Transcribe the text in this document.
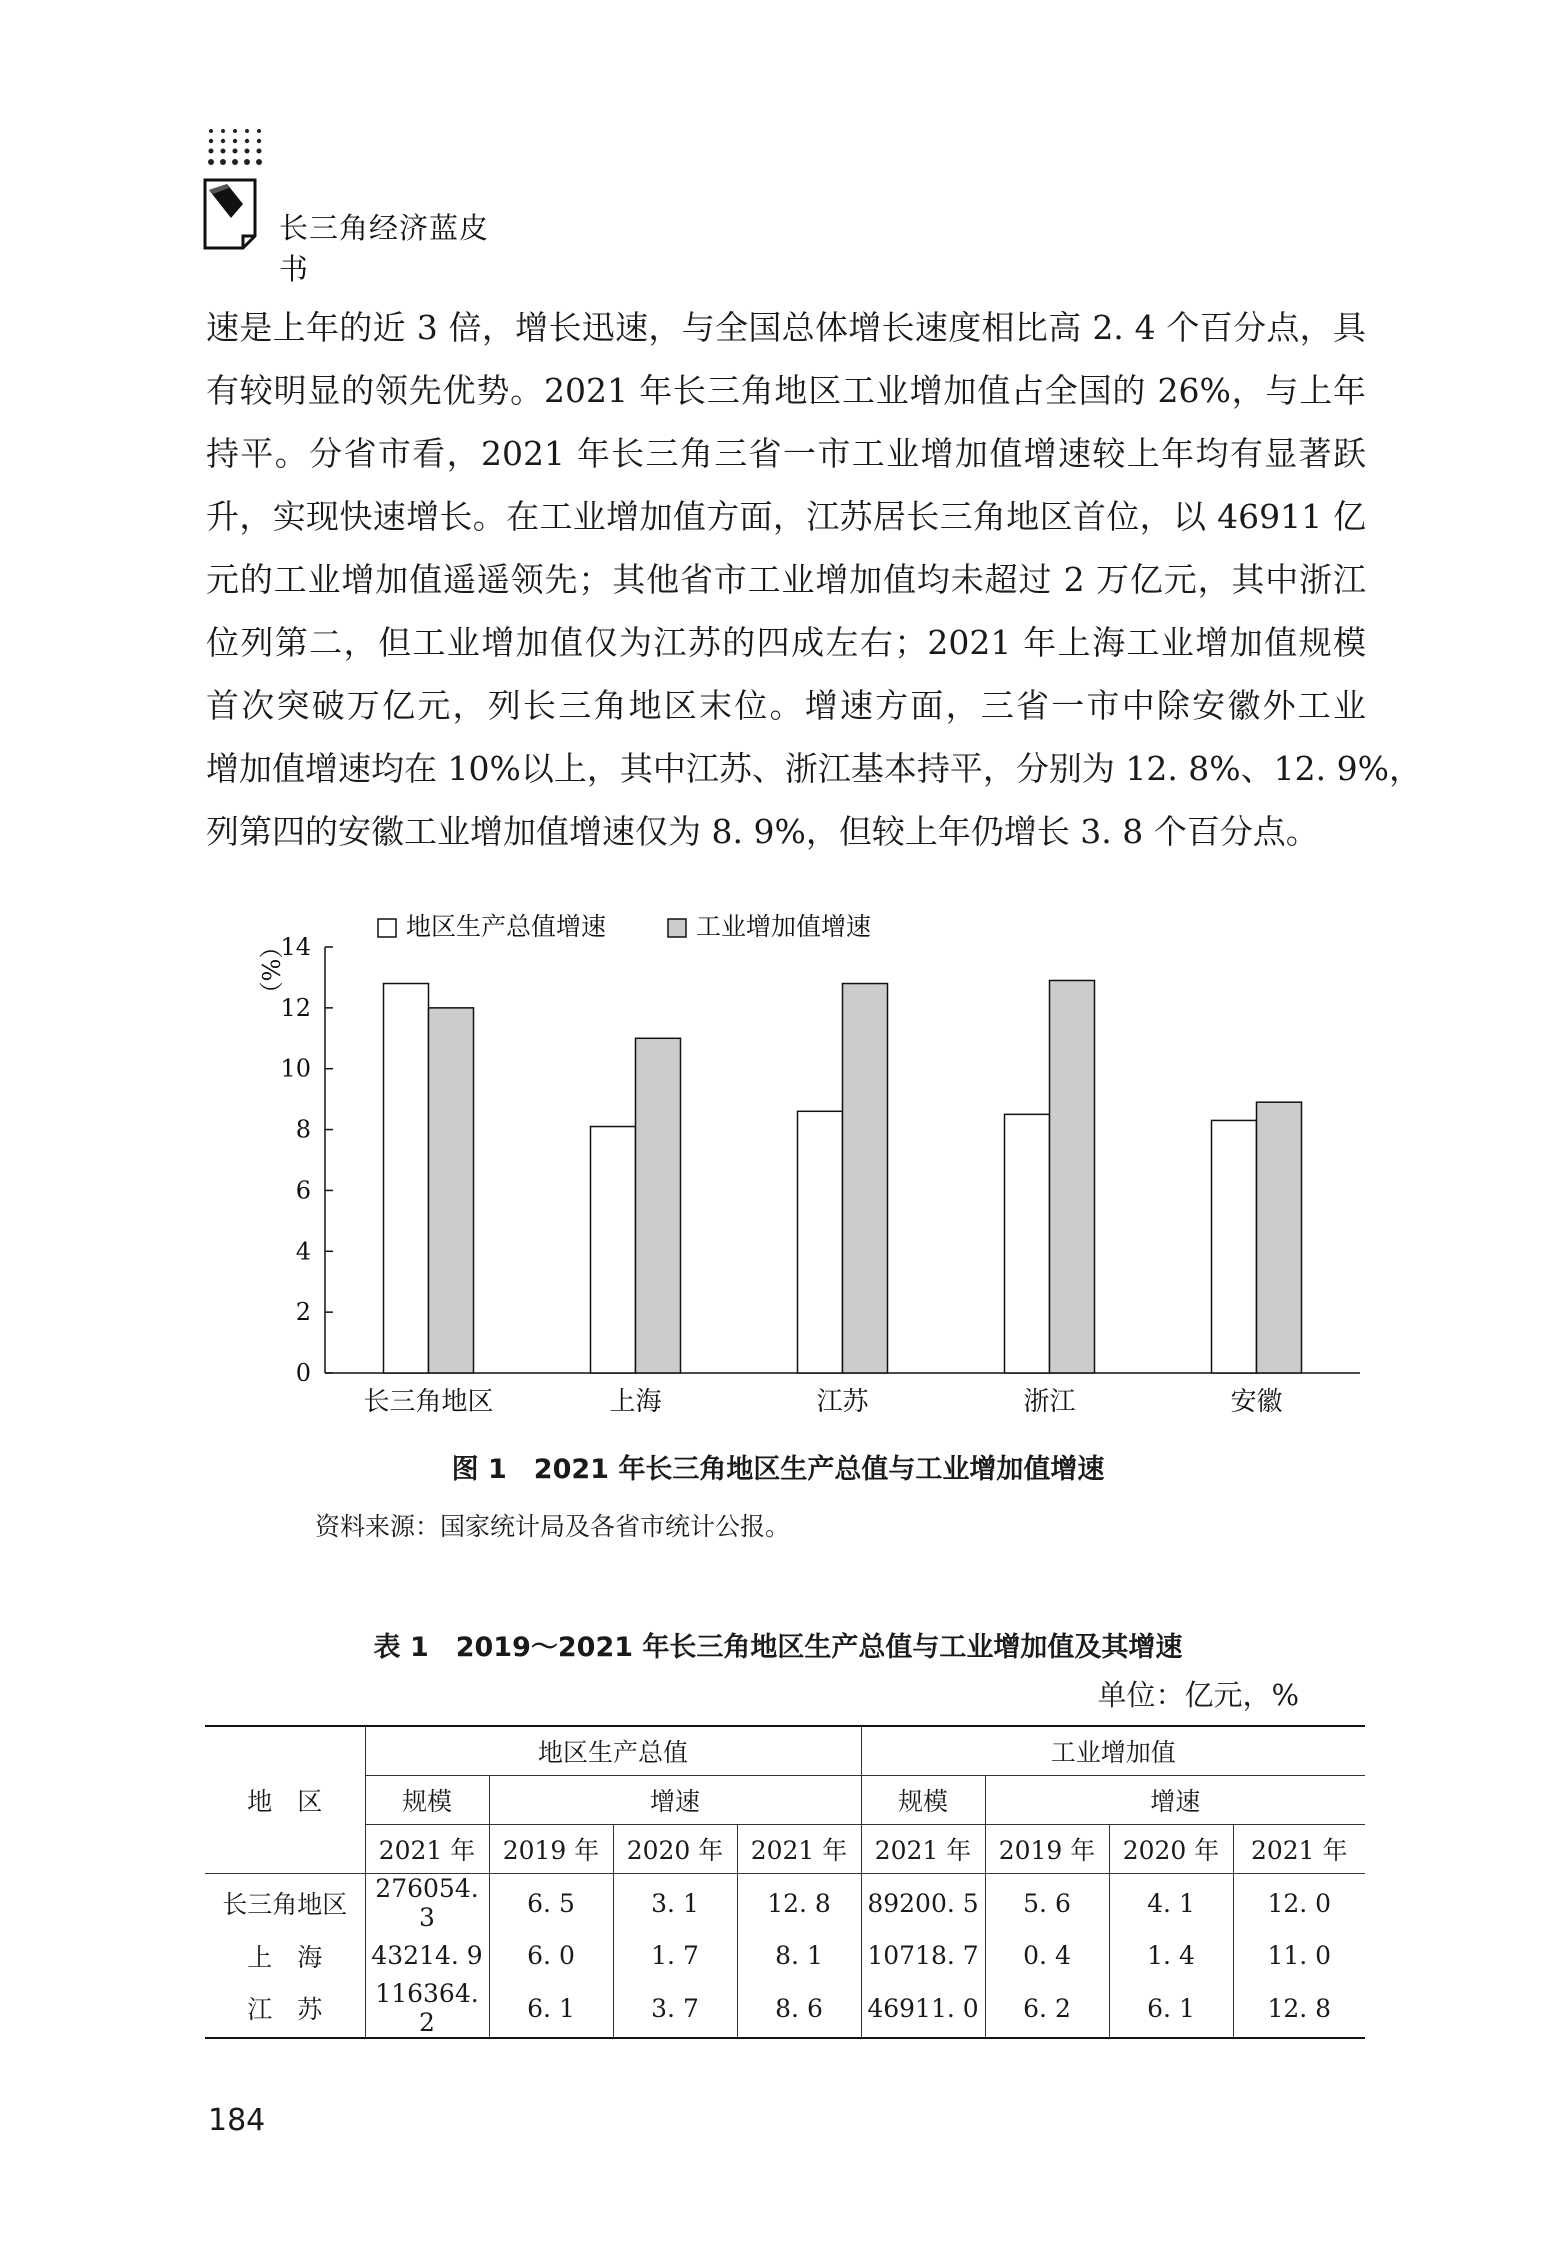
长三角经济蓝皮书
速是上年的近 3 倍，增长迅速，与全国总体增长速度相比高 2. 4 个百分点，具
有较明显的领先优势。2021 年长三角地区工业增加值占全国的 26%，与上年
持平。分省市看，2021 年长三角三省一市工业增加值增速较上年均有显著跃
升，实现快速增长。在工业增加值方面，江苏居长三角地区首位，以 46911 亿
元的工业增加值遥遥领先；其他省市工业增加值均未超过 2 万亿元，其中浙江
位列第二，但工业增加值仅为江苏的四成左右；2021 年上海工业增加值规模
首次突破万亿元，列长三角地区末位。增速方面，三省一市中除安徽外工业
增加值增速均在 10%以上，其中江苏、浙江基本持平，分别为 12. 8%、12. 9%，
列第四的安徽工业增加值增速仅为 8. 9%，但较上年仍增长 3. 8 个百分点。
地区生产总值增速	工业增加值增速
（%）
0
2
4
6
8
10
12
14
长三角地区	上海	江苏	浙江	安徽
图 1　2021 年长三角地区生产总值与工业增加值增速
资料来源：国家统计局及各省市统计公报。
表 1　2019～2021 年长三角地区生产总值与工业增加值及其增速
单位：亿元，%
地　区	地区生产总值				工业增加值			
	规模	增速			规模	增速		
	2021 年	2019 年	2020 年	2021 年	2021 年	2019 年	2020 年	2021 年
长三角地区	276054. 3	6. 5	3. 1	12. 8	89200. 5	5. 6	4. 1	12. 0
上　海	43214. 9	6. 0	1. 7	8. 1	10718. 7	0. 4	1. 4	11. 0
江　苏	116364. 2	6. 1	3. 7	8. 6	46911. 0	6. 2	6. 1	12. 8
184
